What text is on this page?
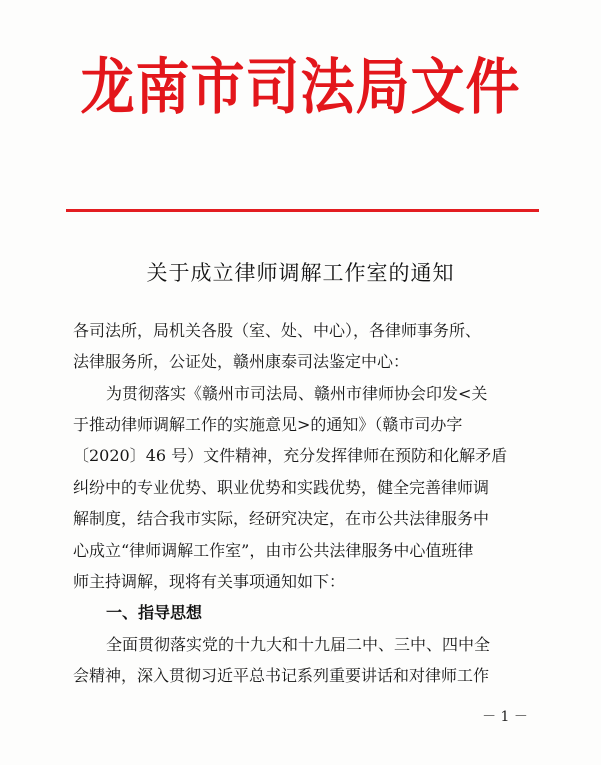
龙南市司法局文件
关于成立律师调解工作室的通知
各司法所，局机关各股（室、处、中心），各律师事务所、
法律服务所，公证处，赣州康泰司法鉴定中心：
为贯彻落实《赣州市司法局、赣州市律师协会印发<关
于推动律师调解工作的实施意见>的通知》（赣市司办字
〔2020〕46 号）文件精神，充分发挥律师在预防和化解矛盾
纠纷中的专业优势、职业优势和实践优势，健全完善律师调
解制度，结合我市实际，经研究决定，在市公共法律服务中
心成立“律师调解工作室”，由市公共法律服务中心值班律
师主持调解，现将有关事项通知如下：
一、指导思想
全面贯彻落实党的十九大和十九届二中、三中、四中全
会精神，深入贯彻习近平总书记系列重要讲话和对律师工作
－ 1 －
